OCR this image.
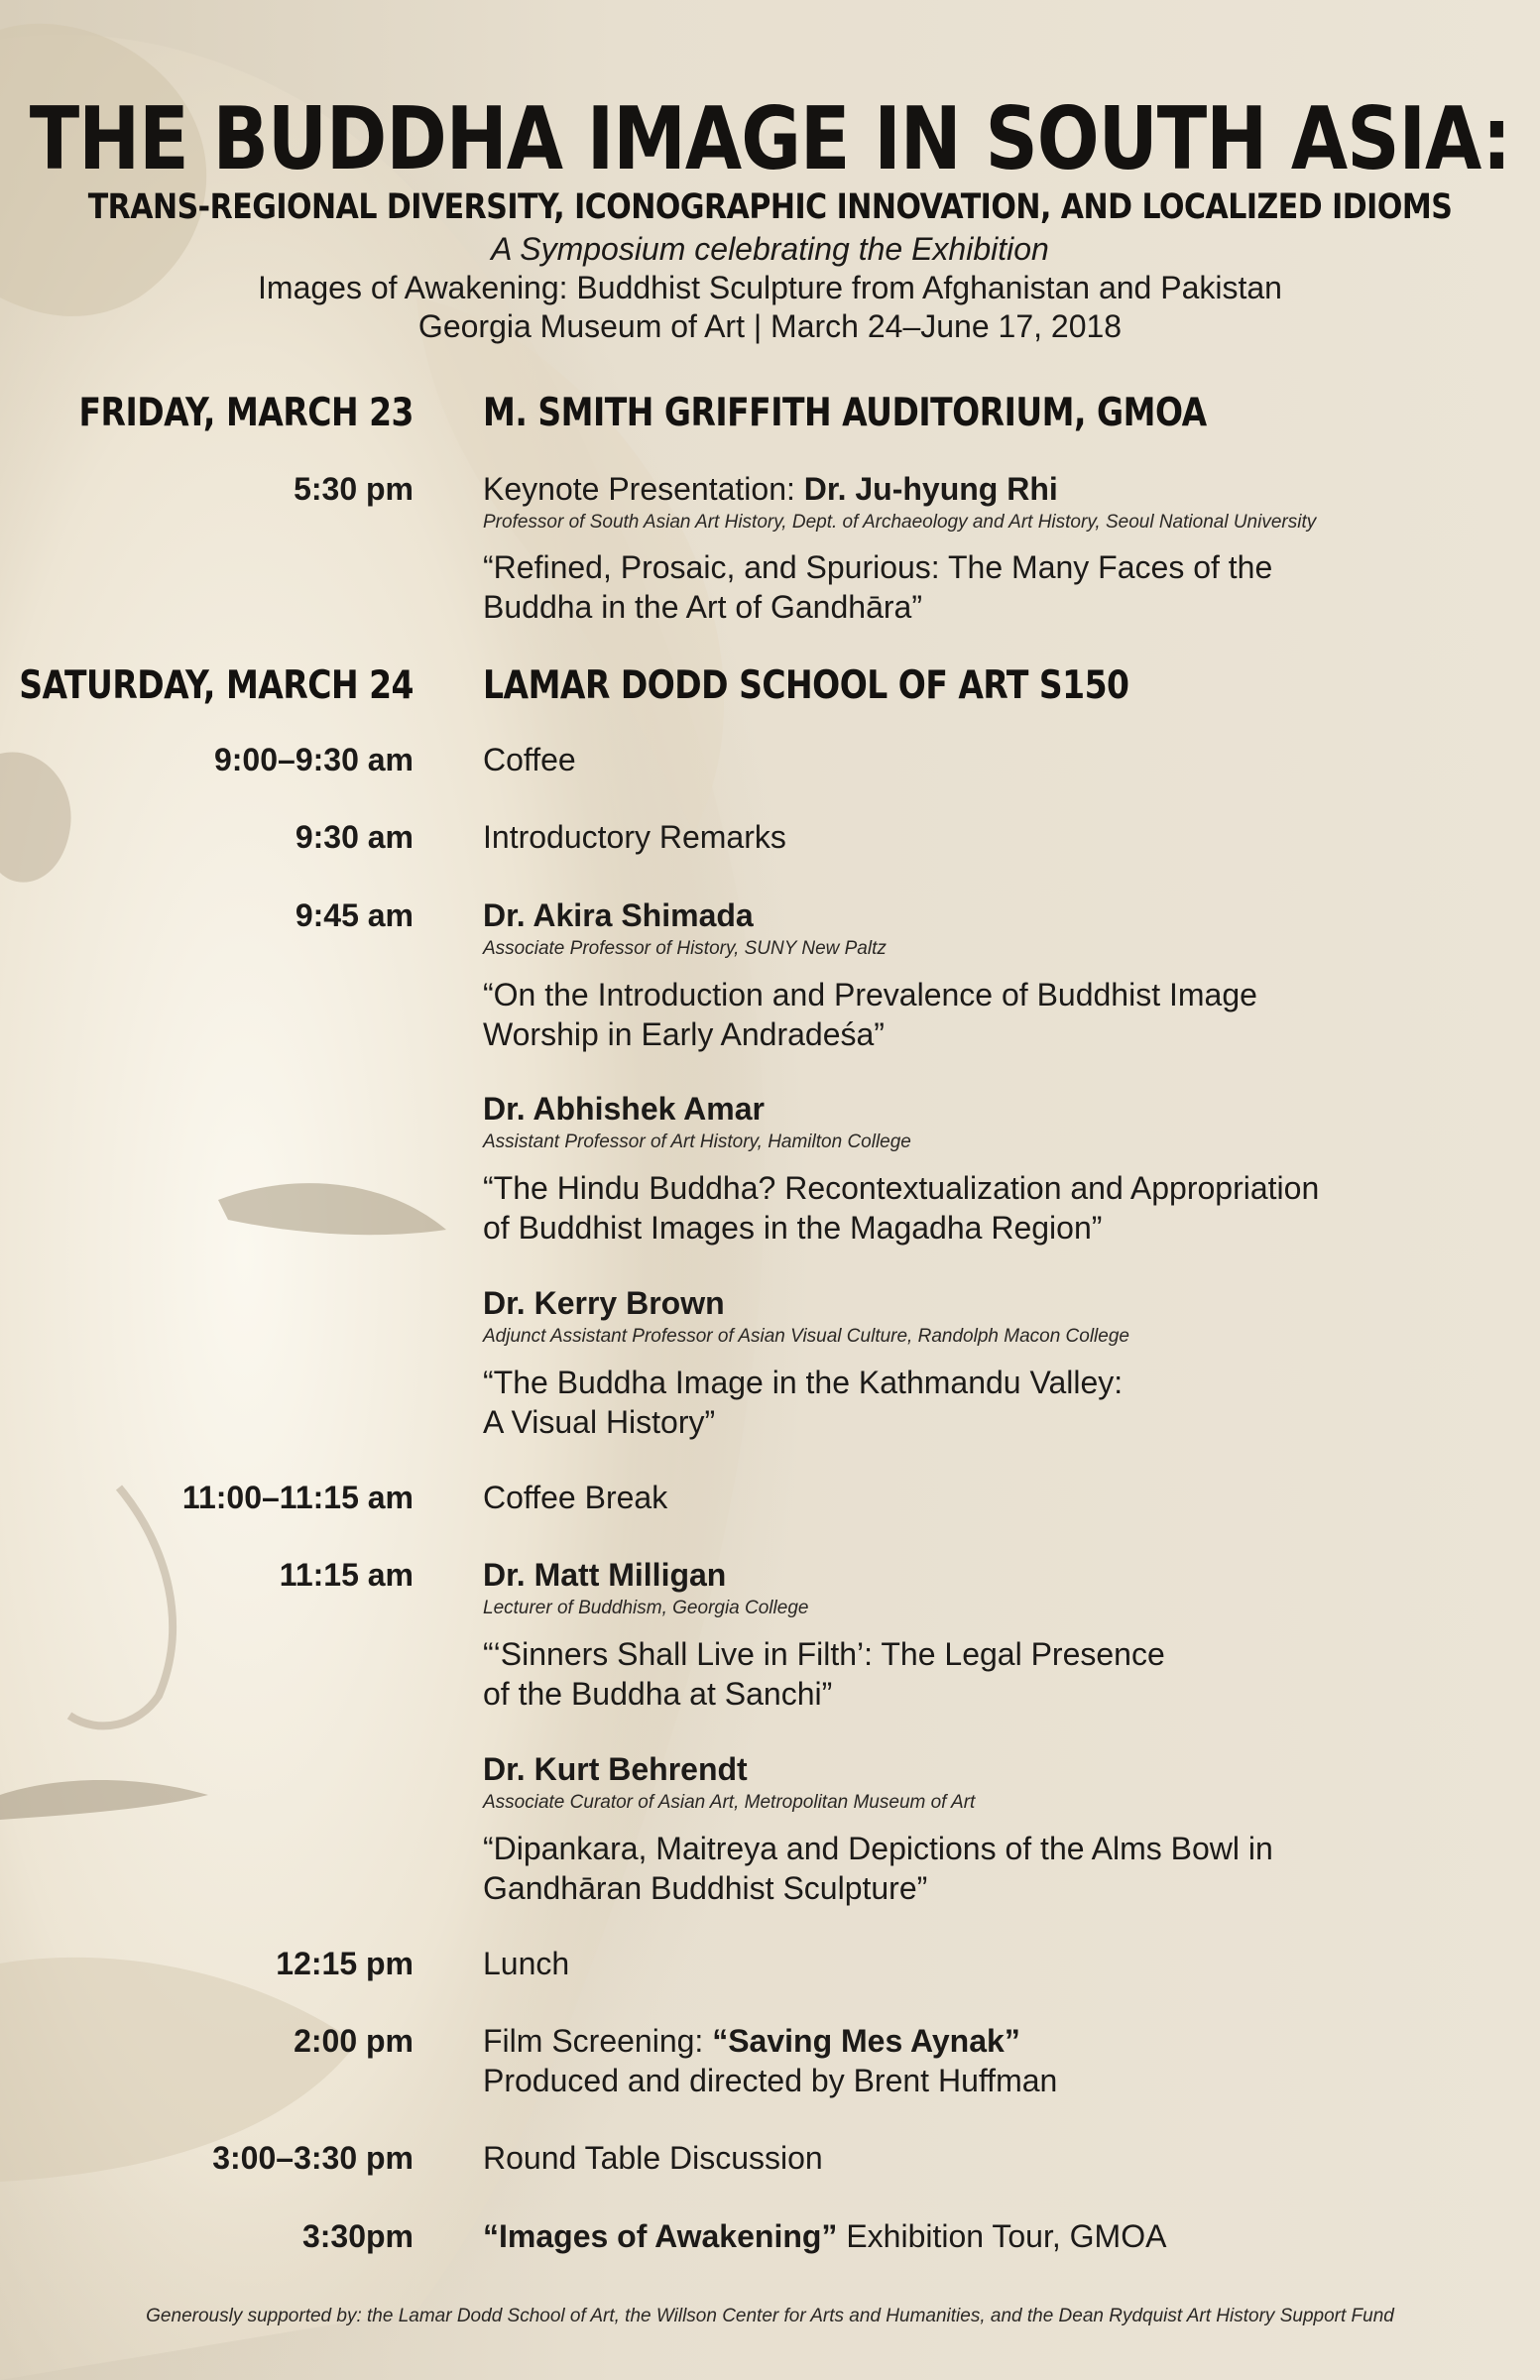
THE BUDDHA IMAGE IN SOUTH ASIA:
TRANS-REGIONAL DIVERSITY, ICONOGRAPHIC INNOVATION, AND LOCALIZED IDIOMS
A Symposium celebrating the Exhibition
Images of Awakening: Buddhist Sculpture from Afghanistan and Pakistan
Georgia Museum of Art | March 24–June 17, 2018
FRIDAY, MARCH 23 M. SMITH GRIFFITH AUDITORIUM, GMOA
5:30 pm Keynote Presentation: Dr. Ju-hyung Rhi
Professor of South Asian Art History, Dept. of Archaeology and Art History, Seoul National University
“Refined, Prosaic, and Spurious: The Many Faces of the
Buddha in the Art of Gandhāra”
SATURDAY, MARCH 24 LAMAR DODD SCHOOL OF ART S150
9:00–9:30 am Coffee
9:30 am Introductory Remarks
9:45 am Dr. Akira Shimada
Associate Professor of History, SUNY New Paltz
“On the Introduction and Prevalence of Buddhist Image
Worship in Early Andradeśa”
Dr. Abhishek Amar
Assistant Professor of Art History, Hamilton College
“The Hindu Buddha? Recontextualization and Appropriation
of Buddhist Images in the Magadha Region”
Dr. Kerry Brown
Adjunct Assistant Professor of Asian Visual Culture, Randolph Macon College
“The Buddha Image in the Kathmandu Valley:
A Visual History”
11:00–11:15 am Coffee Break
11:15 am Dr. Matt Milligan
Lecturer of Buddhism, Georgia College
“‘Sinners Shall Live in Filth’: The Legal Presence
of the Buddha at Sanchi”
Dr. Kurt Behrendt
Associate Curator of Asian Art, Metropolitan Museum of Art
“Dipankara, Maitreya and Depictions of the Alms Bowl in
Gandhāran Buddhist Sculpture”
12:15 pm Lunch
2:00 pm Film Screening: “Saving Mes Aynak”
Produced and directed by Brent Huffman
3:00–3:30 pm Round Table Discussion
3:30pm “Images of Awakening” Exhibition Tour, GMOA
Generously supported by: the Lamar Dodd School of Art, the Willson Center for Arts and Humanities, and the Dean Rydquist Art History Support Fund
